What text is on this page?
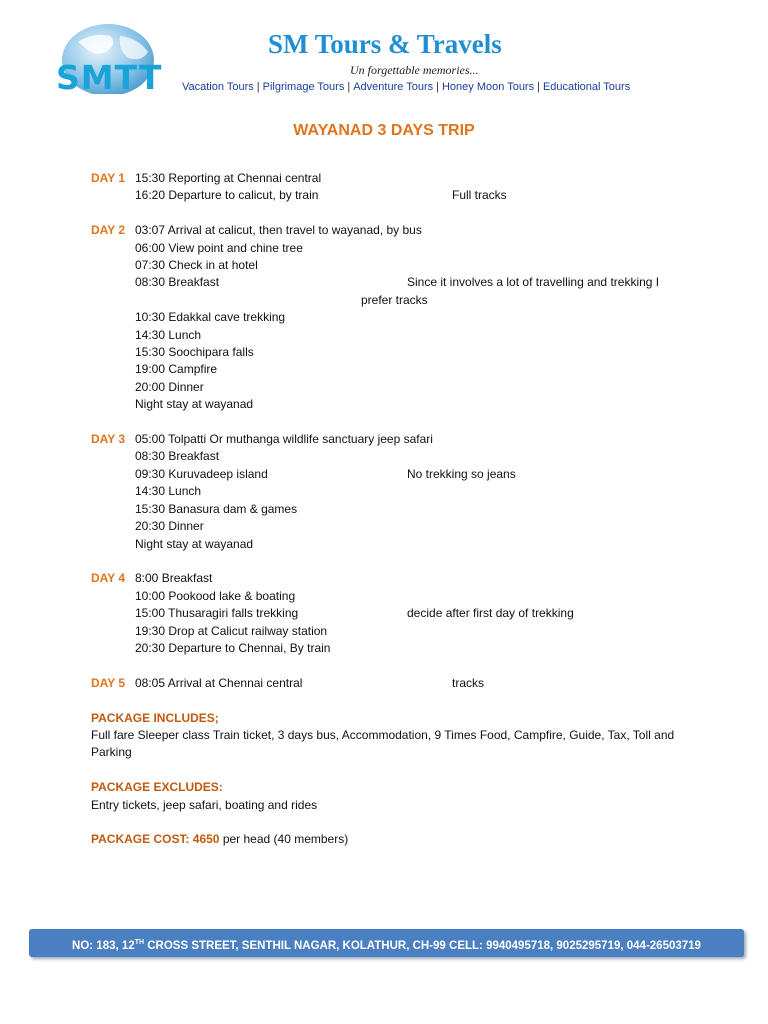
SMTT
SM Tours & Travels
Un forgettable memories...
Vacation Tours | Pilgrimage Tours | Adventure Tours | Honey Moon Tours | Educational Tours
WAYANAD 3 DAYS TRIP
DAY 1 15:30 Reporting at Chennai central
16:20 Departure to calicut, by train	Full tracks
DAY 2 03:07 Arrival at calicut, then travel to wayanad, by bus
06:00 View point and chine tree
07:30 Check in at hotel
08:30 Breakfast	Since it involves a lot of travelling and trekking I
prefer tracks
10:30 Edakkal cave trekking
14:30 Lunch
15:30 Soochipara falls
19:00 Campfire
20:00 Dinner
Night stay at wayanad
DAY 3 05:00 Tolpatti Or muthanga wildlife sanctuary jeep safari
08:30 Breakfast
09:30 Kuruvadeep island	No trekking so jeans
14:30 Lunch
15:30 Banasura dam & games
20:30 Dinner
Night stay at wayanad
DAY 4 8:00 Breakfast
10:00 Pookood lake & boating
15:00 Thusaragiri falls trekking	decide after first day of trekking
19:30 Drop at Calicut railway station
20:30 Departure to Chennai, By train
DAY 5 08:05 Arrival at Chennai central	tracks
PACKAGE INCLUDES;
Full fare Sleeper class Train ticket, 3 days bus, Accommodation, 9 Times Food, Campfire, Guide, Tax, Toll and Parking
PACKAGE EXCLUDES:
Entry tickets, jeep safari, boating and rides
PACKAGE COST: 4650 per head (40 members)
NO: 183, 12TH CROSS STREET, SENTHIL NAGAR, KOLATHUR, CH-99 CELL: 9940495718, 9025295719, 044-26503719
